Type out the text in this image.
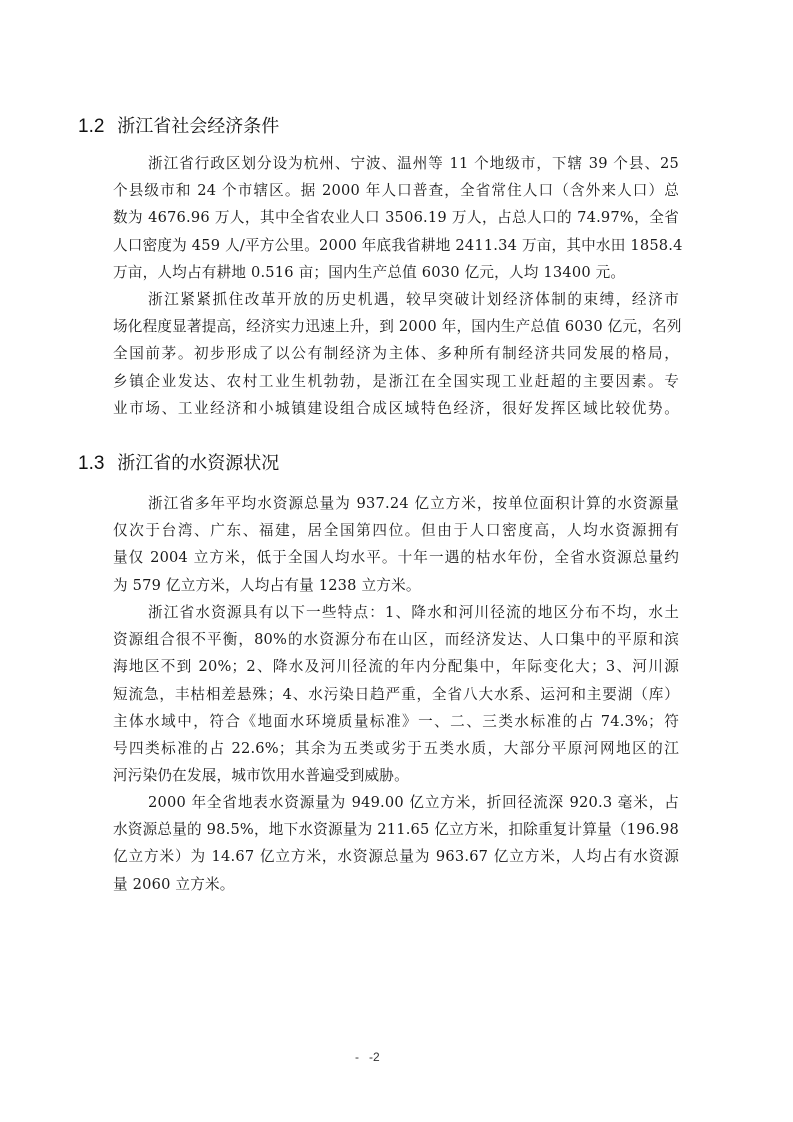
1.2 浙江省社会经济条件
浙江省行政区划分设为杭州、宁波、温州等 11 个地级市，下辖 39 个县、25
个县级市和 24 个市辖区。据 2000 年人口普查，全省常住人口（含外来人口）总
数为 4676.96 万人，其中全省农业人口 3506.19 万人，占总人口的 74.97%，全省
人口密度为 459 人/平方公里。2000 年底我省耕地 2411.34 万亩，其中水田 1858.4
万亩，人均占有耕地 0.516 亩；国内生产总值 6030 亿元，人均 13400 元。
浙江紧紧抓住改革开放的历史机遇，较早突破计划经济体制的束缚，经济市
场化程度显著提高，经济实力迅速上升，到 2000 年，国内生产总值 6030 亿元，名列
全国前茅。初步形成了以公有制经济为主体、多种所有制经济共同发展的格局，
乡镇企业发达、农村工业生机勃勃，是浙江在全国实现工业赶超的主要因素。专
业市场、工业经济和小城镇建设组合成区域特色经济，很好发挥区域比较优势。
1.3 浙江省的水资源状况
浙江省多年平均水资源总量为 937.24 亿立方米，按单位面积计算的水资源量
仅次于台湾、广东、福建，居全国第四位。但由于人口密度高，人均水资源拥有
量仅 2004 立方米，低于全国人均水平。十年一遇的枯水年份，全省水资源总量约
为 579 亿立方米，人均占有量 1238 立方米。
浙江省水资源具有以下一些特点：1、降水和河川径流的地区分布不均，水土
资源组合很不平衡，80%的水资源分布在山区，而经济发达、人口集中的平原和滨
海地区不到 20%；2、降水及河川径流的年内分配集中，年际变化大；3、河川源
短流急，丰枯相差悬殊；4、水污染日趋严重，全省八大水系、运河和主要湖（库）
主体水域中，符合《地面水环境质量标准》一、二、三类水标准的占 74.3%；符
号四类标准的占 22.6%；其余为五类或劣于五类水质，大部分平原河网地区的江
河污染仍在发展，城市饮用水普遍受到威胁。
2000 年全省地表水资源量为 949.00 亿立方米，折回径流深 920.3 毫米，占
水资源总量的 98.5%，地下水资源量为 211.65 亿立方米，扣除重复计算量（196.98
亿立方米）为 14.67 亿立方米，水资源总量为 963.67 亿立方米，人均占有水资源
量 2060 立方米。
-   -2
